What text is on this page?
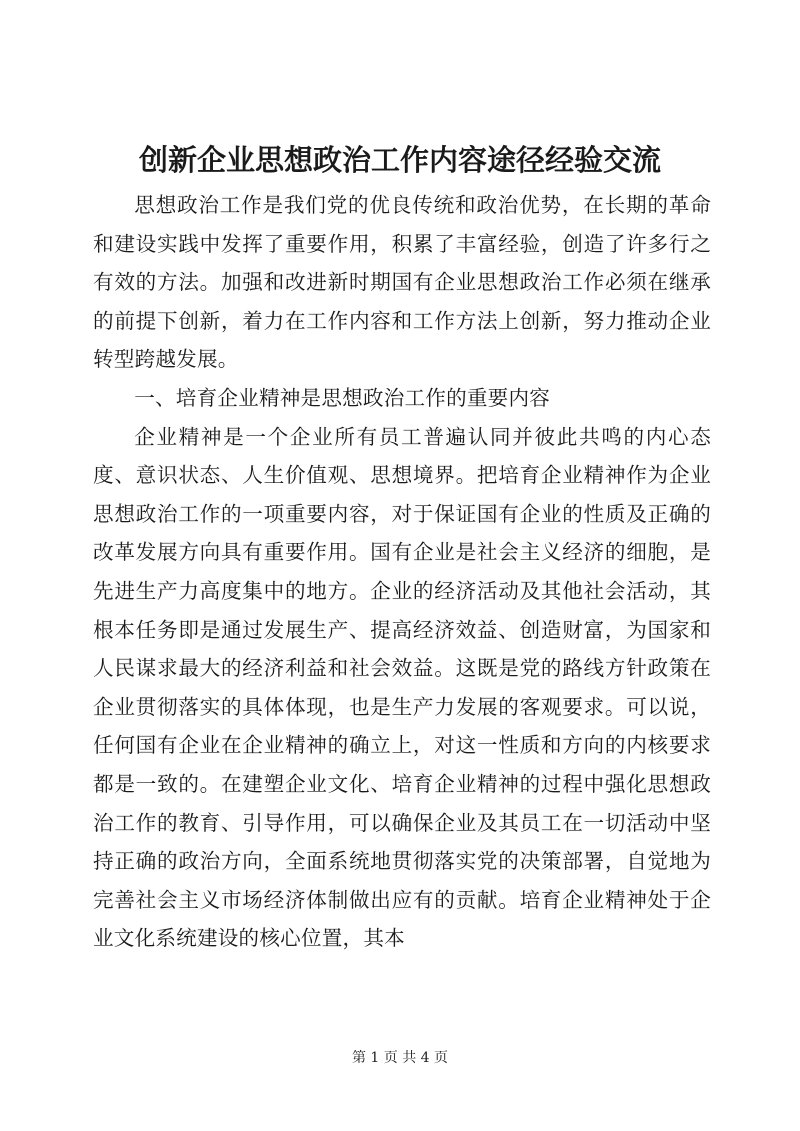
创新企业思想政治工作内容途径经验交流

思想政治工作是我们党的优良传统和政治优势，在长期的革命和建设实践中发挥了重要作用，积累了丰富经验，创造了许多行之有效的方法。加强和改进新时期国有企业思想政治工作必须在继承的前提下创新，着力在工作内容和工作方法上创新，努力推动企业转型跨越发展。

一、培育企业精神是思想政治工作的重要内容

企业精神是一个企业所有员工普遍认同并彼此共鸣的内心态度、意识状态、人生价值观、思想境界。把培育企业精神作为企业思想政治工作的一项重要内容，对于保证国有企业的性质及正确的改革发展方向具有重要作用。国有企业是社会主义经济的细胞，是先进生产力高度集中的地方。企业的经济活动及其他社会活动，其根本任务即是通过发展生产、提高经济效益、创造财富，为国家和人民谋求最大的经济利益和社会效益。这既是党的路线方针政策在企业贯彻落实的具体体现，也是生产力发展的客观要求。可以说，任何国有企业在企业精神的确立上，对这一性质和方向的内核要求都是一致的。在建塑企业文化、培育企业精神的过程中强化思想政治工作的教育、引导作用，可以确保企业及其员工在一切活动中坚持正确的政治方向，全面系统地贯彻落实党的决策部署，自觉地为完善社会主义市场经济体制做出应有的贡献。培育企业精神处于企业文化系统建设的核心位置，其本

第 1 页 共 4 页
